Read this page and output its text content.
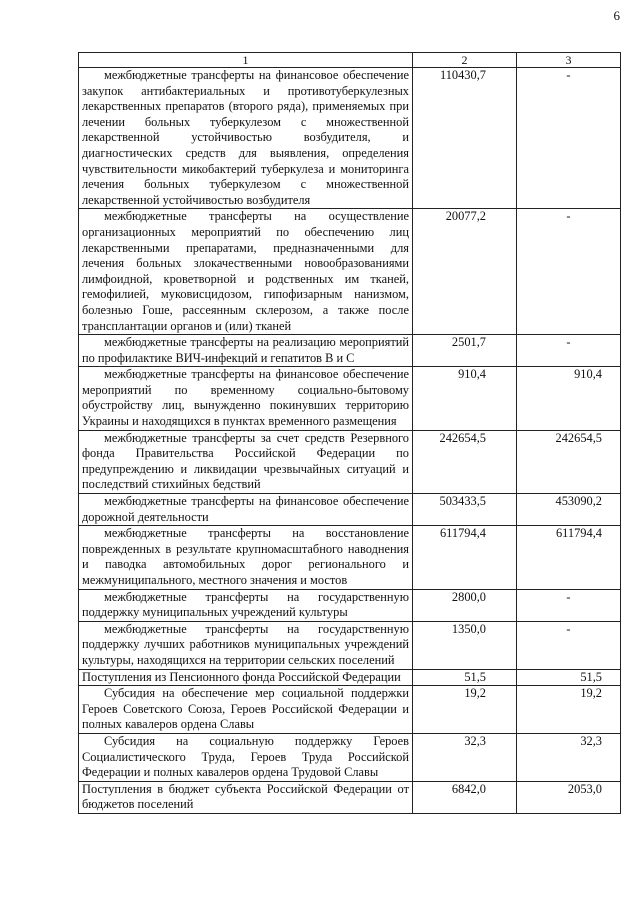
6
1	2	3

межбюджетные трансферты на финансовое обеспечение закупок антибактериальных и противотуберкулезных лекарственных препаратов (второго ряда), применяемых при лечении больных туберкулезом с множественной лекарственной устойчивостью возбудителя, и диагностических средств для выявления, определения чувствительности микобактерий туберкулеза и мониторинга лечения больных туберкулезом с множественной лекарственной устойчивостью возбудителя	110430,7	-

межбюджетные трансферты на осуществление организационных мероприятий по обеспечению лиц лекарственными препаратами, предназначенными для лечения больных злокачественными новообразованиями лимфоидной, кроветворной и родственных им тканей, гемофилией, муковисцидозом, гипофизарным нанизмом, болезнью Гоше, рассеянным склерозом, а также после трансплантации органов и (или) тканей	20077,2	-

межбюджетные трансферты на реализацию мероприятий по профилактике ВИЧ-инфекций и гепатитов В и С	2501,7	-

межбюджетные трансферты на финансовое обеспечение мероприятий по временному социально-бытовому обустройству лиц, вынужденно покинувших территорию Украины и находящихся в пунктах временного размещения	910,4	910,4

межбюджетные трансферты за счет средств Резервного фонда Правительства Российской Федерации по предупреждению и ликвидации чрезвычайных ситуаций и последствий стихийных бедствий	242654,5	242654,5

межбюджетные трансферты на финансовое обеспечение дорожной деятельности	503433,5	453090,2

межбюджетные трансферты на восстановление поврежденных в результате крупномасштабного наводнения и паводка автомобильных дорог регионального и межмуниципального, местного значения и мостов	611794,4	611794,4

межбюджетные трансферты на государственную поддержку муниципальных учреждений культуры	2800,0	-

межбюджетные трансферты на государственную поддержку лучших работников муниципальных учреждений культуры, находящихся на территории сельских поселений	1350,0	-

Поступления из Пенсионного фонда Российской Федерации	51,5	51,5

Субсидия на обеспечение мер социальной поддержки Героев Советского Союза, Героев Российской Федерации и полных кавалеров ордена Славы	19,2	19,2

Субсидия на социальную поддержку Героев Социалистического Труда, Героев Труда Российской Федерации и полных кавалеров ордена Трудовой Славы	32,3	32,3

Поступления в бюджет субъекта Российской Федерации от бюджетов поселений	6842,0	2053,0
